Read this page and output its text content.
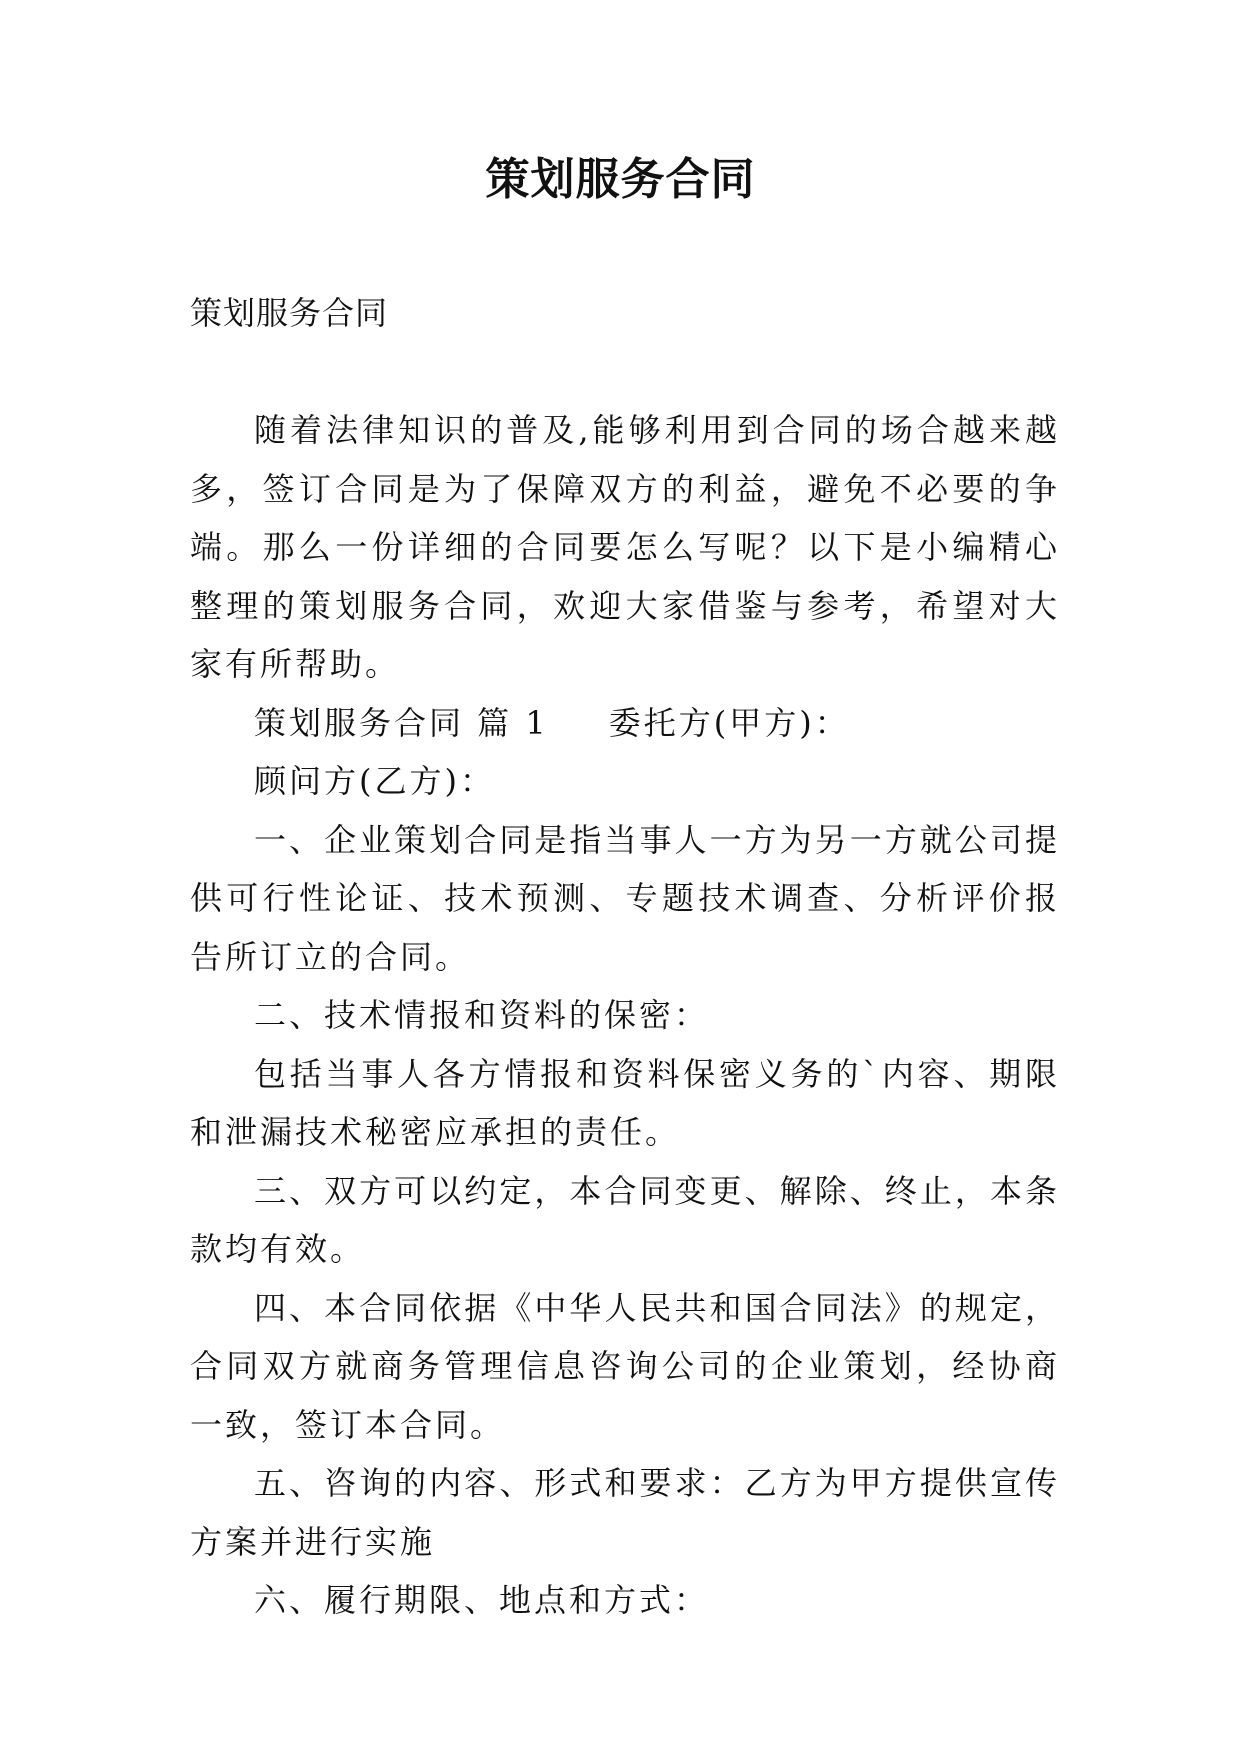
策划服务合同

策划服务合同

随着法律知识的普及,能够利用到合同的场合越来越多，签订合同是为了保障双方的利益，避免不必要的争端。那么一份详细的合同要怎么写呢？以下是小编精心整理的策划服务合同，欢迎大家借鉴与参考，希望对大家有所帮助。

策划服务合同 篇 1 委托方(甲方)：

顾问方(乙方)：

一、企业策划合同是指当事人一方为另一方就公司提供可行性论证、技术预测、专题技术调查、分析评价报告所订立的合同。

二、技术情报和资料的保密：

包括当事人各方情报和资料保密义务的`内容、期限和泄漏技术秘密应承担的责任。

三、双方可以约定，本合同变更、解除、终止，本条款均有效。

四、本合同依据《中华人民共和国合同法》的规定，合同双方就商务管理信息咨询公司的企业策划，经协商一致，签订本合同。

五、咨询的内容、形式和要求：乙方为甲方提供宣传方案并进行实施

六、履行期限、地点和方式：
